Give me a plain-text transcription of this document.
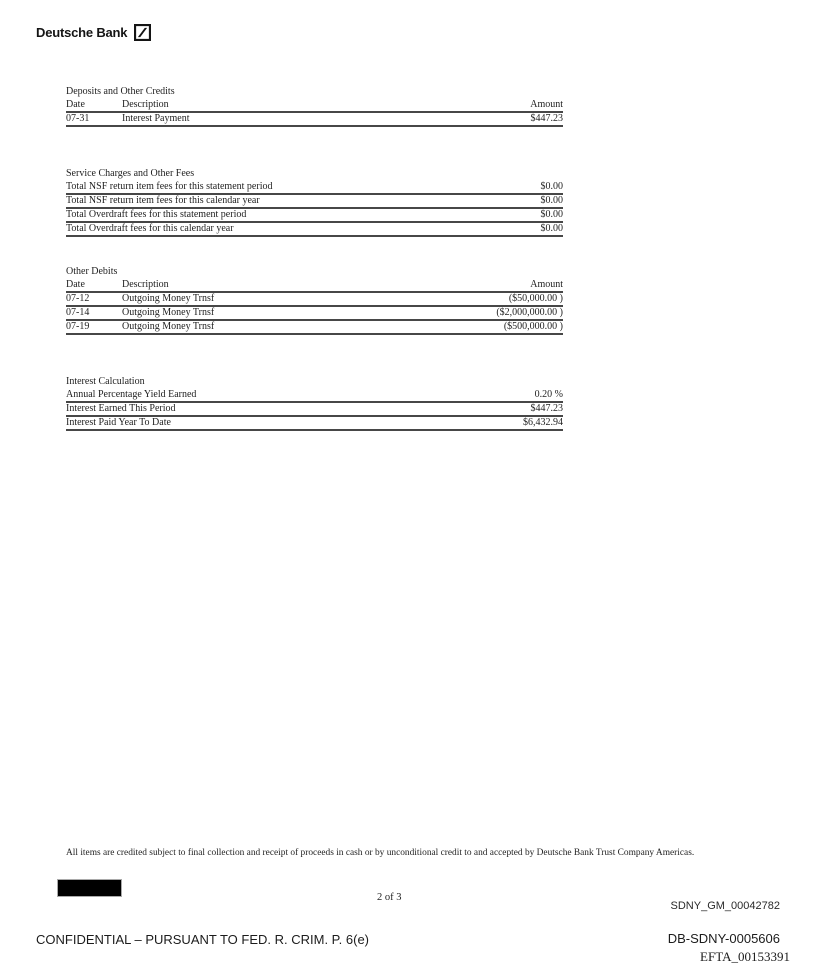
Deutsche Bank
Deposits and Other Credits
Date	Description	Amount
07-31	Interest Payment	$447.23
Service Charges and Other Fees
Total NSF return item fees for this statement period	$0.00
Total NSF return item fees for this calendar year	$0.00
Total Overdraft fees for this statement period	$0.00
Total Overdraft fees for this calendar year	$0.00
Other Debits
Date	Description	Amount
07-12	Outgoing Money Trnsf	($50,000.00 )
07-14	Outgoing Money Trnsf	($2,000,000.00 )
07-19	Outgoing Money Trnsf	($500,000.00 )
Interest Calculation
Annual Percentage Yield Earned	0.20 %
Interest Earned This Period	$447.23
Interest Paid Year To Date	$6,432.94
All items are credited subject to final collection and receipt of proceeds in cash or by unconditional credit to and accepted by Deutsche Bank Trust Company Americas.
2 of 3
SDNY_GM_00042782
CONFIDENTIAL – PURSUANT TO FED. R. CRIM. P. 6(e)	DB-SDNY-0005606
EFTA_00153391
